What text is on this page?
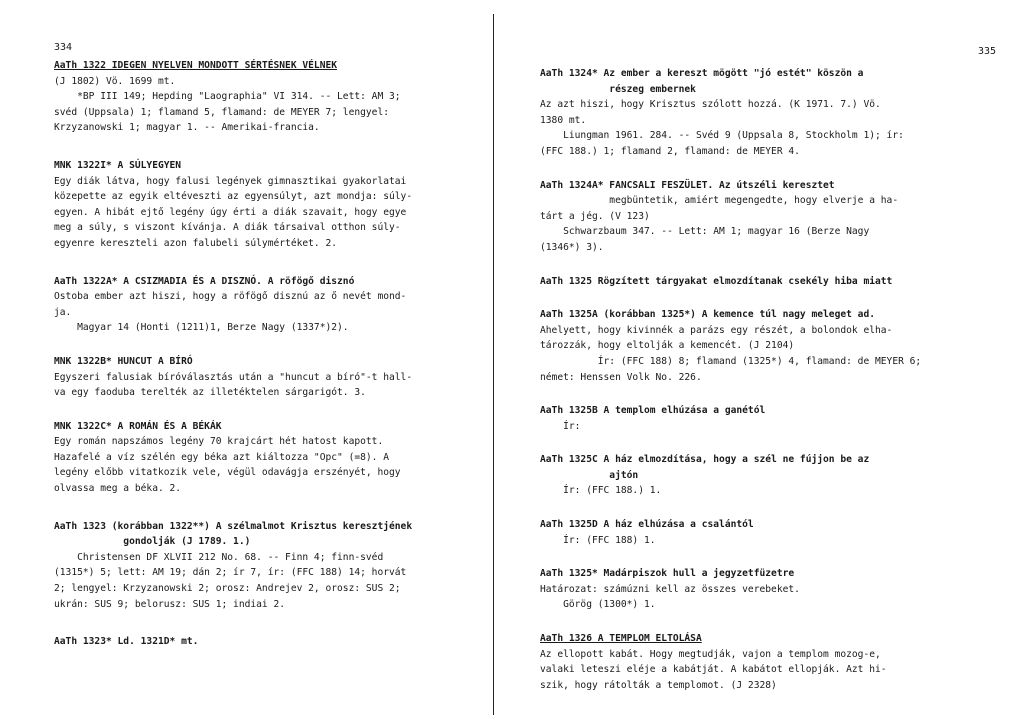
334
AaTh 1322 IDEGEN NYELVEN MONDOTT SÉRTÉSNEK VÉLNEK
(J 1802) Vö. 1699 mt.
*BP III 149; Hepding "Laographia" VI 314. -- Lett: AM 3;
svéd (Uppsala) 1; flamand 5, flamand: de MEYER 7; lengyel:
Krzyzanowski 1; magyar 1. -- Amerikai-francia.
MNK 1322I* A SÚLYEGYEN
Egy diák látva, hogy falusi legények gimnasztikai gyakorlatai
közepette az egyik eltéveszti az egyensúlyt, azt mondja: súly-
egyen. A hibát ejtő legény úgy érti a diák szavait, hogy egye
meg a súly, s viszont kívánja. A diák társaival otthon súly-
egyenre kereszteli azon falubeli súlymértéket. 2.
AaTh 1322A* A CSIZMADIA ÉS A DISZNÓ. A röfögő disznó
Ostoba ember azt hiszi, hogy a röfögő disznú az ő nevét mond-
ja.
Magyar 14 (Honti (1211)1, Berze Nagy (1337*)2).
MNK 1322B* HUNCUT A BÍRÓ
Egyszeri falusiak bíróválasztás után a "huncut a bíró"-t hall-
va egy faoduba terelték az illetéktelen sárgarigót. 3.
MNK 1322C* A ROMÁN ÉS A BÉKÁK
Egy román napszámos legény 70 krajcárt hét hatost kapott.
Hazafelé a víz szélén egy béka azt kiáltozza "Opc" (=8). A
legény előbb vitatkozik vele, végül odavágja erszényét, hogy
olvassa meg a béka. 2.
AaTh 1323 (korábban 1322**) A szélmalmot Krisztus keresztjének
gondolják (J 1789. 1.)
Christensen DF XLVII 212 No. 68. -- Finn 4; finn-svéd
(1315*) 5; lett: AM 19; dán 2; ír 7, ír: (FFC 188) 14; horvát
2; lengyel: Krzyzanowski 2; orosz: Andrejev 2, orosz: SUS 2;
ukrán: SUS 9; belorusz: SUS 1; indiai 2.
AaTh 1323* Ld. 1321D* mt.
335
AaTh 1324* Az ember a kereszt mögött "jó estét" köszön a
részeg embernek
Az azt hiszi, hogy Krisztus szólott hozzá. (K 1971. 7.) Vö.
1380 mt.
Liungman 1961. 284. -- Svéd 9 (Uppsala 8, Stockholm 1); ír:
(FFC 188.) 1; flamand 2, flamand: de MEYER 4.
AaTh 1324A* FANCSALI FESZÜLET. Az útszéli keresztet
megbüntetik, amiért megengedte, hogy elverje a ha-
tárt a jég. (V 123)
Schwarzbaum 347. -- Lett: AM 1; magyar 16 (Berze Nagy
(1346*) 3).
AaTh 1325 Rögzített tárgyakat elmozdítanak csekély hiba miatt
AaTh 1325A (korábban 1325*) A kemence túl nagy meleget ad.
Ahelyett, hogy kivinnék a parázs egy részét, a bolondok elha-
tározzák, hogy eltolják a kemencét. (J 2104)
Ír: (FFC 188) 8; flamand (1325*) 4, flamand: de MEYER 6;
német: Henssen Volk No. 226.
AaTh 1325B A templom elhúzása a ganétól
Ír:
AaTh 1325C A ház elmozdítása, hogy a szél ne fújjon be az
ajtón
Ír: (FFC 188.) 1.
AaTh 1325D A ház elhúzása a csalántól
Ír: (FFC 188) 1.
AaTh 1325* Madárpiszok hull a jegyzetfüzetre
Határozat: számúzni kell az összes verebeket.
Görög (1300*) 1.
AaTh 1326 A TEMPLOM ELTOLÁSA
Az ellopott kabát. Hogy megtudják, vajon a templom mozog-e,
valaki leteszi eléje a kabátját. A kabátot ellopják. Azt hi-
szik, hogy rátolták a templomot. (J 2328)
